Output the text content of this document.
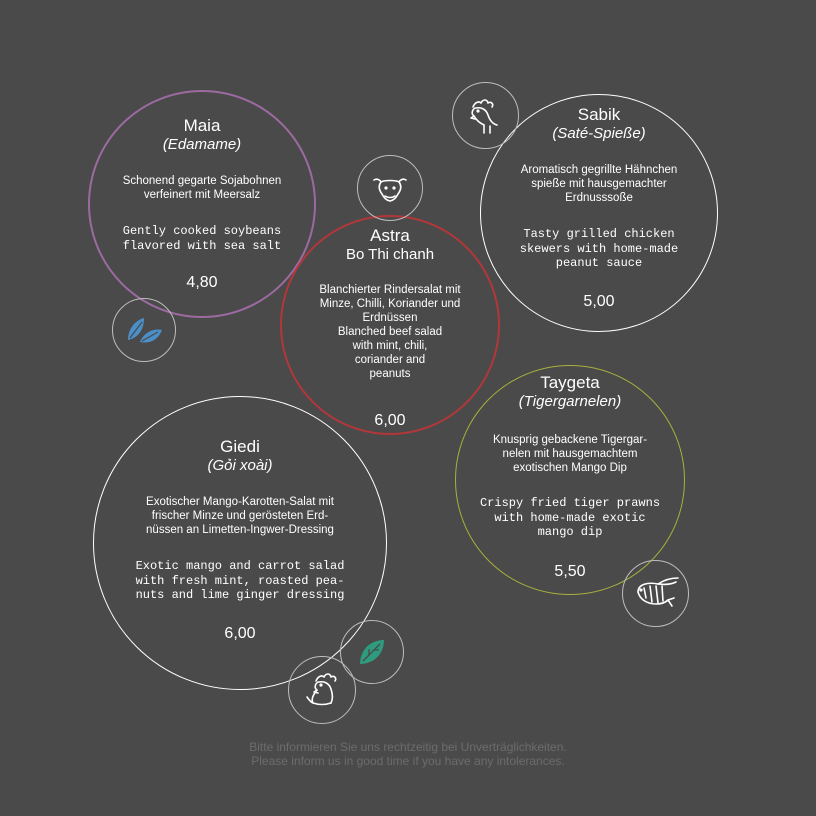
Maia

(Edamame)

Schonend gegarte Sojabohnen

verfeinert mit Meersalz

Gently cooked soybeans

flavored with sea salt

4,80

Sabik

(Saté-Spieße)

Aromatisch gegrillte Hähnchen

spieße mit hausgemachter

Erdnusssoße

Tasty grilled chicken

skewers with home-made

peanut sauce

5,00

Astra

Bo Thi chanh

Blanchierter Rindersalat mit

Minze, Chilli, Koriander und

Erdnüssen

Blanched beef salad

with mint, chili,

coriander and

peanuts

6,00

Taygeta

(Tigergarnelen)

Knusprig gebackene Tigergar-

nelen mit hausgemachtem

exotischen Mango Dip

Crispy fried tiger prawns

with home-made exotic

mango dip

5,50

Giedi

(Gỏi xoài)

Exotischer Mango-Karotten-Salat mit

frischer Minze und gerösteten Erd-

nüssen an Limetten-Ingwer-Dressing

Exotic mango and carrot salad

with fresh mint, roasted pea-

nuts and lime ginger dressing

6,00

Bitte informieren Sie uns rechtzeitig bei Unverträglichkeiten.
Please inform us in good time if you have any intolerances.
